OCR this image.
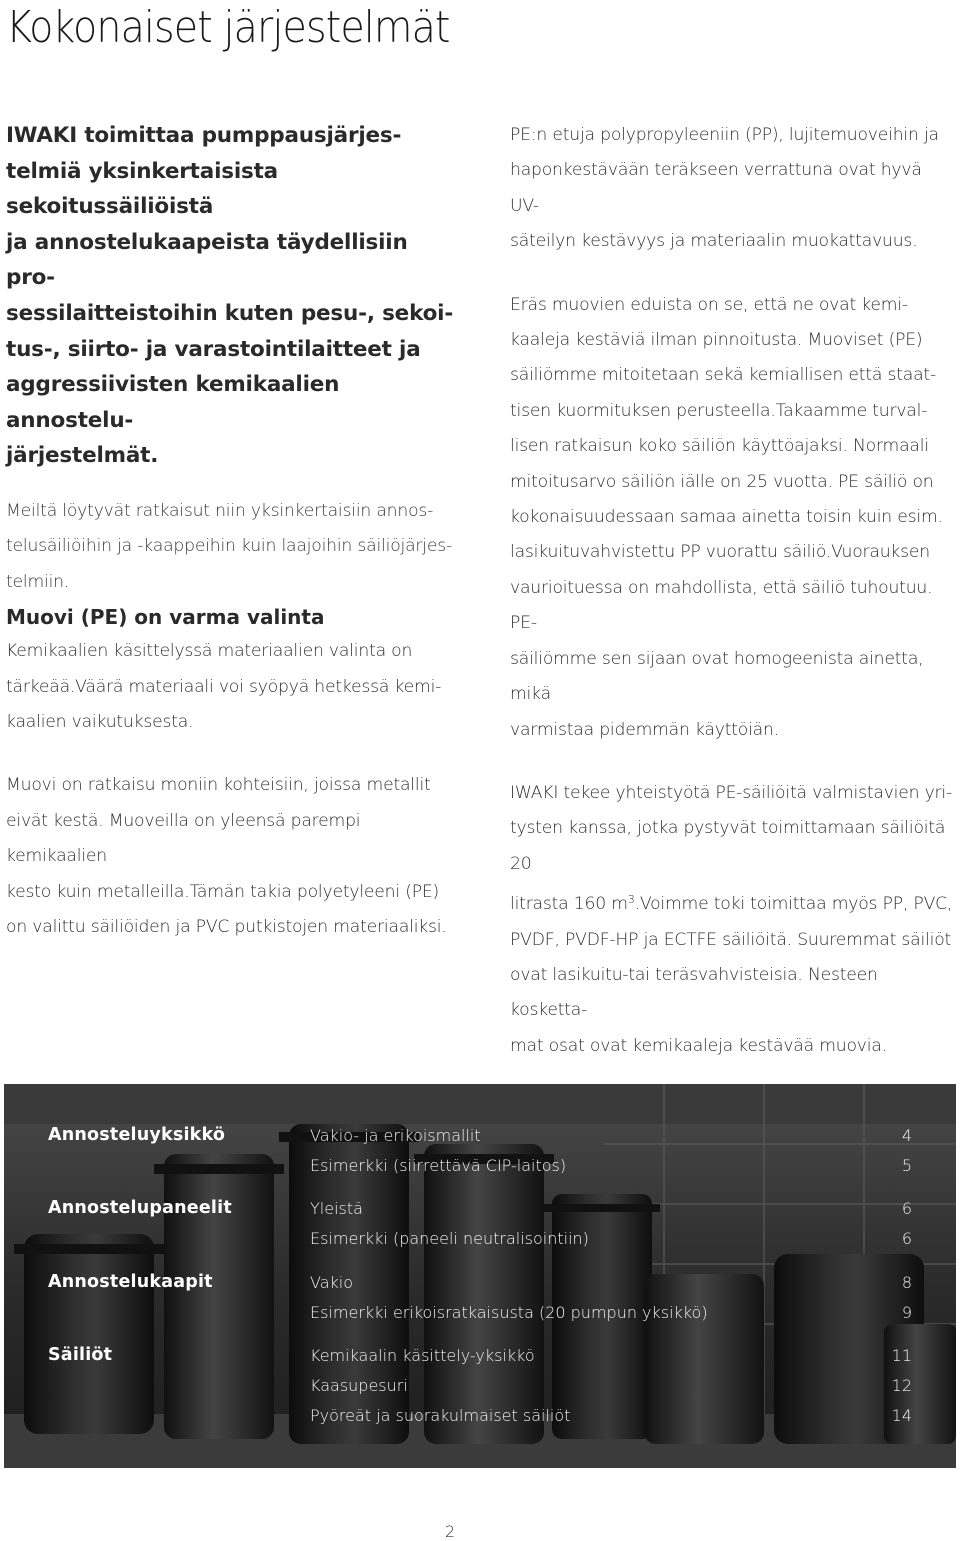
Kokonaiset järjestelmät

IWAKI toimittaa pumppausjärjes-

telmiä yksinkertaisista sekoitussäiliöistä

ja annostelukaapeista täydellisiin pro-

sessilaitteistoihin kuten pesu-, sekoi-

tus-, siirto- ja varastointilaitteet ja

aggressiivisten kemikaalien annostelu-

järjestelmät.

Meiltä löytyvät ratkaisut niin yksinkertaisiin annos-

telusäiliöihin ja -kaappeihin kuin laajoihin säiliöjärjes-

telmiin.

Muovi (PE) on varma valinta

Kemikaalien käsittelyssä materiaalien valinta on

tärkeää.Väärä materiaali voi syöpyä hetkessä kemi-

kaalien vaikutuksesta.

Muovi on ratkaisu moniin kohteisiin, joissa metallit

eivät kestä. Muoveilla on yleensä parempi kemikaalien

kesto kuin metalleilla.Tämän takia polyetyleeni (PE)

on valittu säiliöiden ja PVC putkistojen materiaaliksi.

PE:n etuja polypropyleeniin (PP), lujitemuoveihin ja

haponkestävään teräkseen verrattuna ovat hyvä UV-

säteilyn kestävyys ja materiaalin muokattavuus.

Eräs muovien eduista on se, että ne ovat kemi-

kaaleja kestäviä ilman pinnoitusta. Muoviset (PE)

säiliömme mitoitetaan sekä kemiallisen että staat-

tisen kuormituksen perusteella.Takaamme turval-

lisen ratkaisun koko säiliön käyttöajaksi. Normaali

mitoitusarvo säiliön iälle on 25 vuotta. PE säiliö on

kokonaisuudessaan samaa ainetta toisin kuin esim.

lasikuituvahvistettu PP vuorattu säiliö.Vuorauksen

vaurioituessa on mahdollista, että säiliö tuhoutuu. PE-

säiliömme sen sijaan ovat homogeenista ainetta, mikä

varmistaa pidemmän käyttöiän.

IWAKI tekee yhteistyötä PE-säiliöitä valmistavien yri-

tysten kanssa, jotka pystyvät toimittamaan säiliöitä 20

litrasta 160 $m^3.Voimme$ toki toimittaa myös PP, PVC,

PVDF, PVDF-HP ja ECTFE säiliöitä. Suuremmat säiliöt

ovat lasikuitu-tai teräsvahvisteisia. Nesteen kosketta-

mat osat ovat kemikaaleja kestävää muovia.

Annosteluyksikkö	Vakio- ja erikoismallit	4
Esimerkki (siirrettävä CIP-laitos)	5
Annostelupaneelit	Yleistä	6
Esimerkki (paneeli neutralisointiin)	6
Annostelukaapit	Vakio	8
Esimerkki erikoisratkaisusta (20 pumpun yksikkö)	9
Säiliöt	Kemikaalin käsittely-yksikkö	11
Kaasupesuri	12
Pyöreät ja suorakulmaiset säiliöt	14
2
